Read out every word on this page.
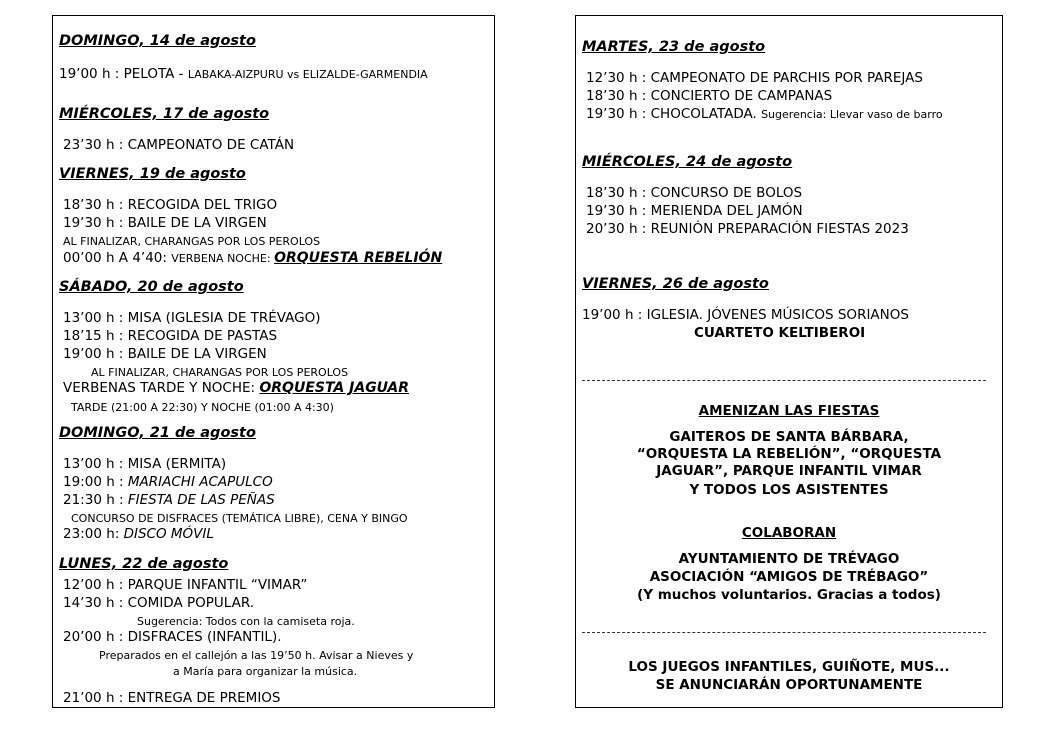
DOMINGO, 14 de agosto
19’00 h : PELOTA - LABAKA-AIZPURU vs ELIZALDE-GARMENDIA
MIÉRCOLES, 17 de agosto
23’30 h : CAMPEONATO DE CATÁN
VIERNES, 19 de agosto
18’30 h : RECOGIDA DEL TRIGO
19’30 h : BAILE DE LA VIRGEN
AL FINALIZAR, CHARANGAS POR LOS PEROLOS
00’00 h A 4’40: VERBENA NOCHE: ORQUESTA REBELIÓN
SÁBADO, 20 de agosto
13’00 h : MISA (IGLESIA DE TRÉVAGO)
18’15 h : RECOGIDA DE PASTAS
19’00 h : BAILE DE LA VIRGEN
AL FINALIZAR, CHARANGAS POR LOS PEROLOS
VERBENAS TARDE Y NOCHE: ORQUESTA JAGUAR
TARDE (21:00 A 22:30) Y NOCHE (01:00 A 4:30)
DOMINGO, 21 de agosto
13’00 h : MISA (ERMITA)
19:00 h : MARIACHI ACAPULCO
21:30 h : FIESTA DE LAS PEÑAS
CONCURSO DE DISFRACES (TEMÁTICA LIBRE), CENA Y BINGO
23:00 h: DISCO MÓVIL
LUNES, 22 de agosto
12’00 h : PARQUE INFANTIL “VIMAR”
14’30 h : COMIDA POPULAR.
Sugerencia: Todos con la camiseta roja.
20’00 h : DISFRACES (INFANTIL).
Preparados en el callejón a las 19’50 h. Avisar a Nieves y
a María para organizar la música.
21’00 h : ENTREGA DE PREMIOS
MARTES, 23 de agosto
12’30 h : CAMPEONATO DE PARCHIS POR PAREJAS
18’30 h : CONCIERTO DE CAMPANAS
19’30 h : CHOCOLATADA. Sugerencia: Llevar vaso de barro
MIÉRCOLES, 24 de agosto
18’30 h : CONCURSO DE BOLOS
19’30 h : MERIENDA DEL JAMÓN
20’30 h : REUNIÓN PREPARACIÓN FIESTAS 2023
VIERNES, 26 de agosto
19’00 h : IGLESIA. JÓVENES MÚSICOS SORIANOS
CUARTETO KELTIBEROI
AMENIZAN LAS FIESTAS
GAITEROS DE SANTA BÁRBARA,
“ORQUESTA LA REBELIÓN”, “ORQUESTA
JAGUAR”, PARQUE INFANTIL VIMAR
Y TODOS LOS ASISTENTES
COLABORAN
AYUNTAMIENTO DE TRÉVAGO
ASOCIACIÓN “AMIGOS DE TRÉBAGO”
(Y muchos voluntarios. Gracias a todos)
LOS JUEGOS INFANTILES, GUIÑOTE, MUS...
SE ANUNCIARÁN OPORTUNAMENTE
